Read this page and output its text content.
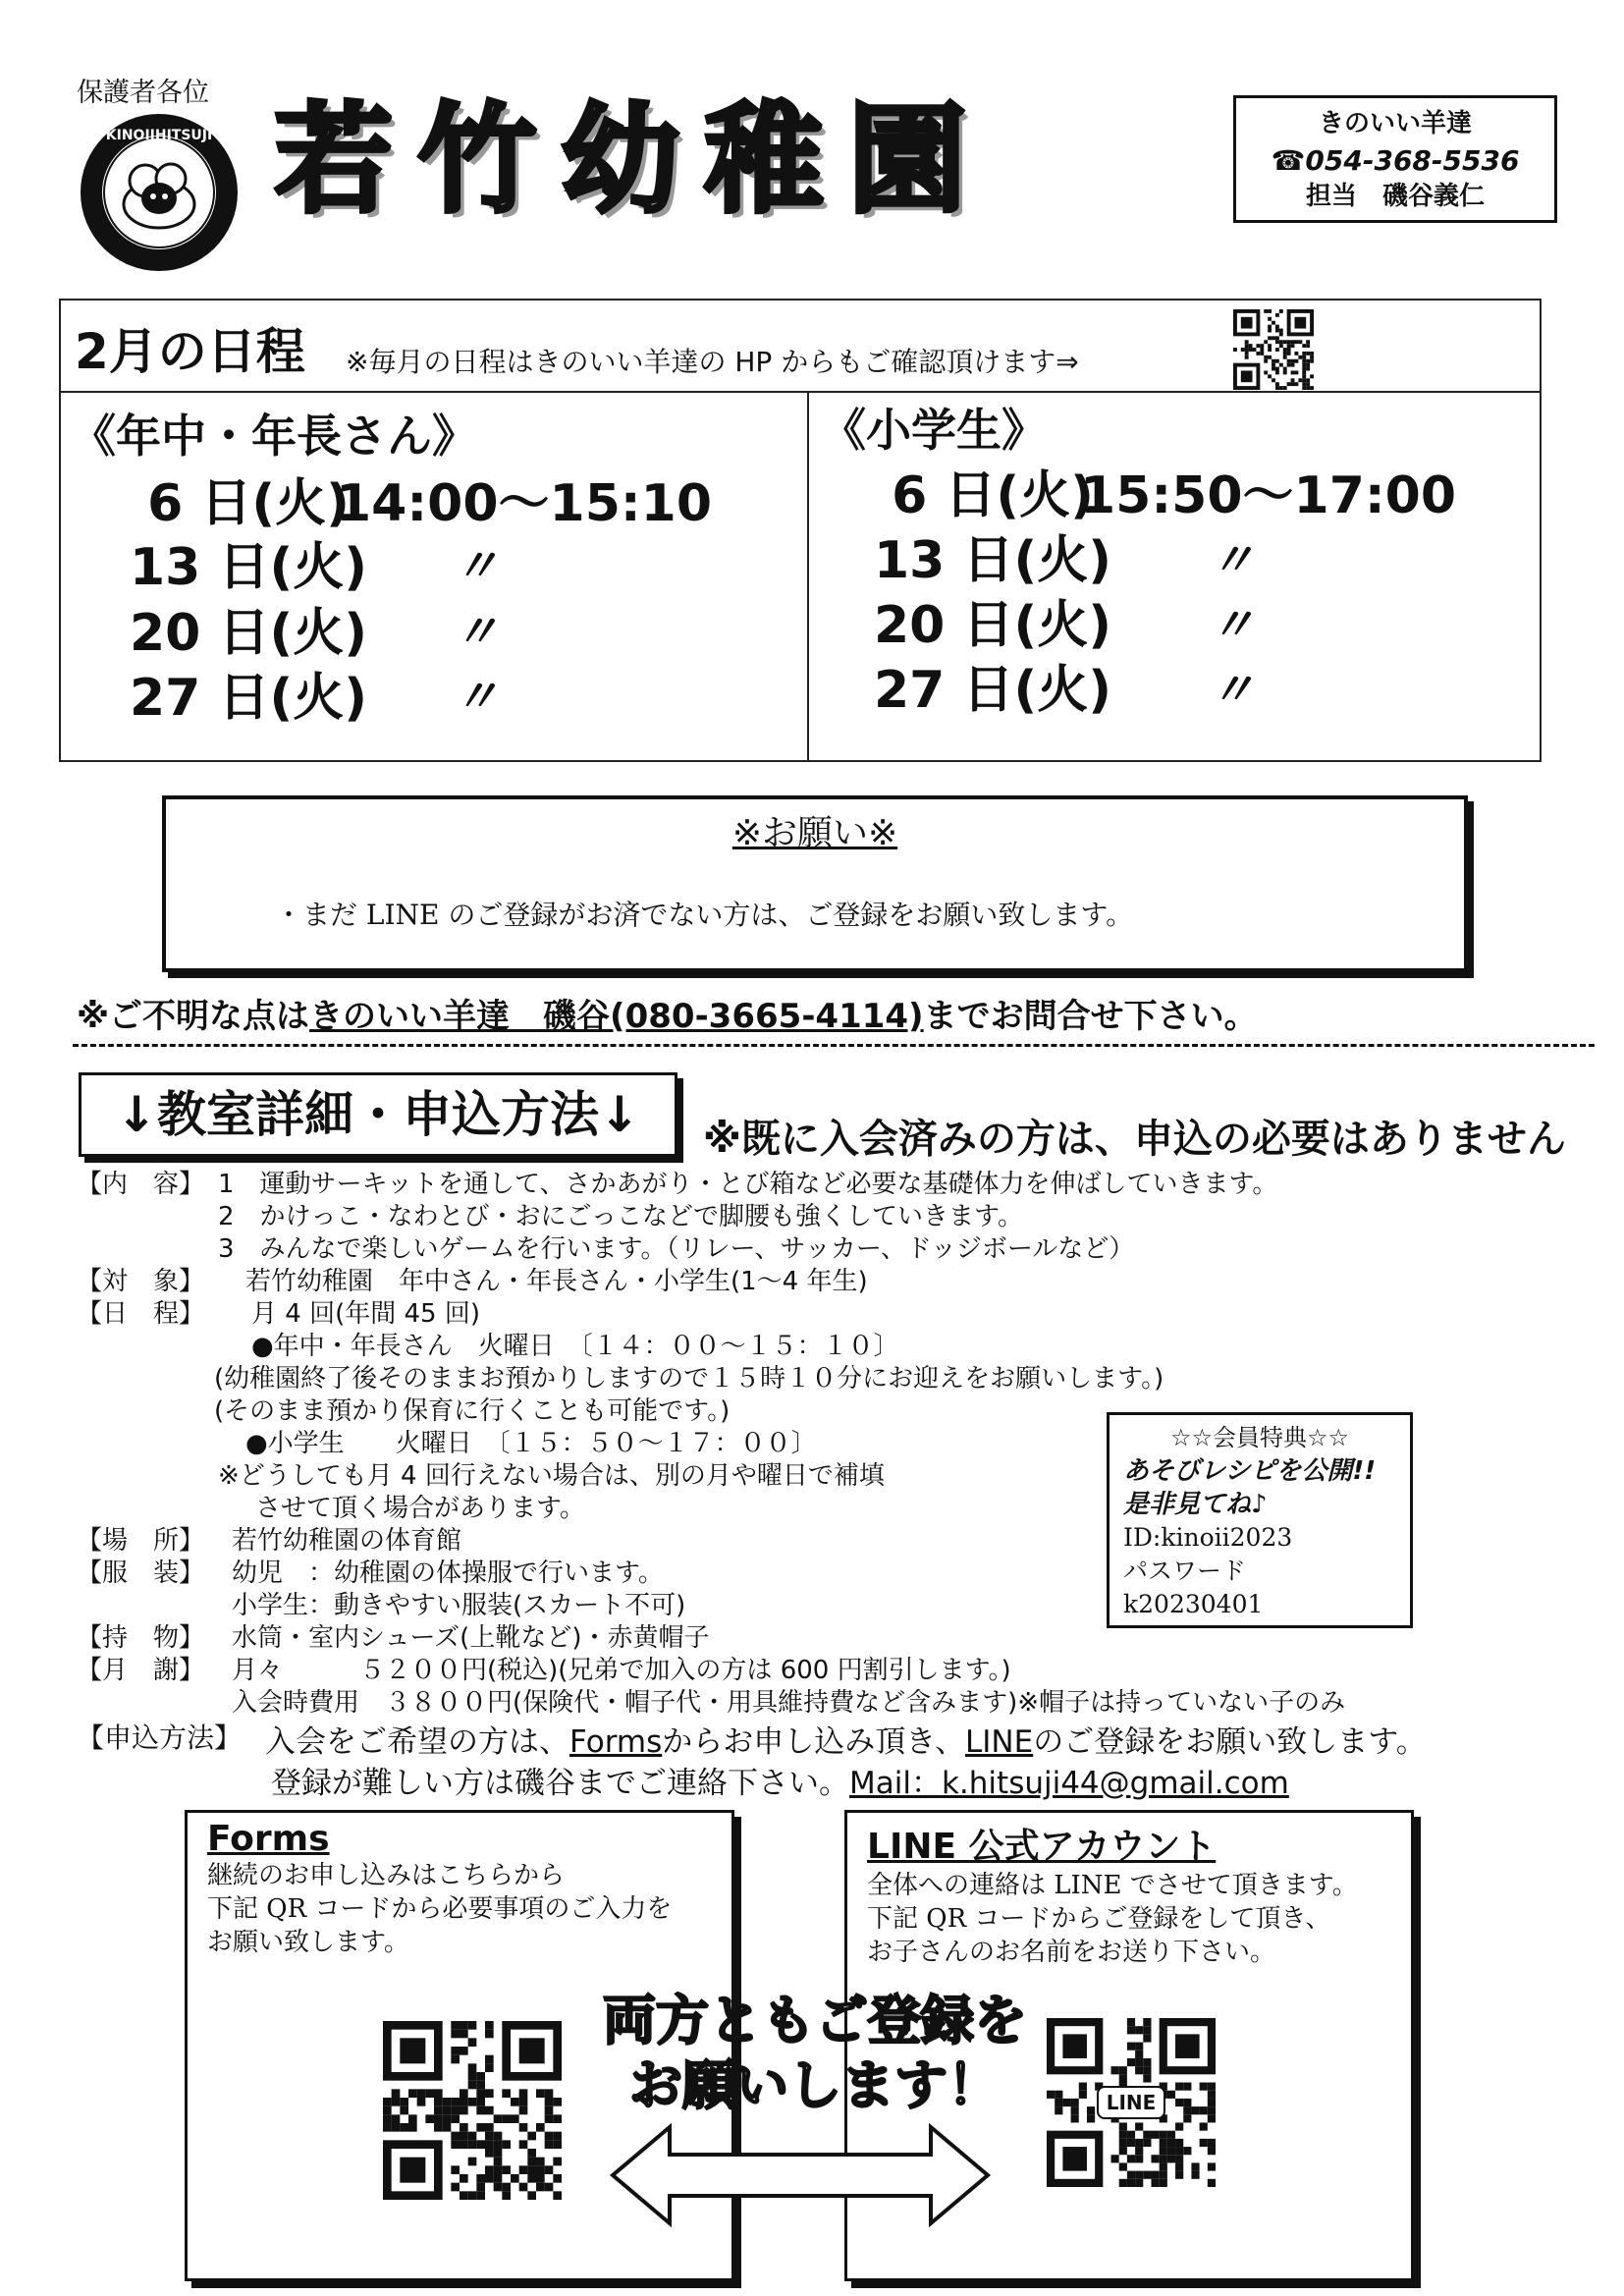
保護者各位
KINOIIHITSUJI 若竹幼稚園	きのいい羊達
☎054-368-5536
担当　磯谷義仁
2月の日程 ※毎月の日程はきのいい羊達の HP からもご確認頂けます⇒
《年中・年長さん》
6 日(火)
14:00〜15:10
13 日(火) 〃
20 日(火) 〃
27 日(火) 〃
《小学生》
6 日(火)
15:50〜17:00
13 日(火) 〃
20 日(火) 〃
27 日(火) 〃
※お願い※
・まだ LINE のご登録がお済でない方は、ご登録をお願い致します。
※ご不明な点はきのいい羊達　磯谷(080-3665-4114)までお問合せ下さい。
↓教室詳細・申込方法↓	※既に入会済みの方は、申込の必要はありません
【内　容】 1　運動サーキットを通して、さかあがり・とび箱など必要な基礎体力を伸ばしていきます。
2　かけっこ・なわとび・おにごっこなどで脚腰も強くしていきます。
3　みんなで楽しいゲームを行います。（リレー、サッカー、ドッジボールなど）
【対　象】 若竹幼稚園　年中さん・年長さん・小学生(1〜4 年生)
【日　程】 月 4 回(年間 45 回)
●年中・年長さん　火曜日　〔１４：００〜１５：１０〕
(幼稚園終了後そのままお預かりしますので１５時１０分にお迎えをお願いします。)
(そのまま預かり保育に行くことも可能です。)
●小学生　　火曜日　〔１５：５０〜１７：００〕
※どうしても月 4 回行えない場合は、別の月や曜日で補填
させて頂く場合があります。
【場　所】 若竹幼稚園の体育館
【服　装】 幼児　：幼稚園の体操服で行います。
小学生：動きやすい服装(スカート不可)
【持　物】 水筒・室内シューズ(上靴など)・赤黄帽子
【月　謝】 月々　　　５２００円(税込)(兄弟で加入の方は 600 円割引します。)
入会時費用　３８００円(保険代・帽子代・用具維持費など含みます)※帽子は持っていない子のみ
☆☆会員特典☆☆
あそびレシピを公開!!
是非見てね♪
ID:kinoii2023
パスワード
k20230401
【申込方法】 入会をご希望の方は、Formsからお申し込み頂き、LINEのご登録をお願い致します。
登録が難しい方は磯谷までご連絡下さい。Mail：k.hitsuji44@gmail.com
Forms
継続のお申し込みはこちらから
下記 QR コードから必要事項のご入力を
お願い致します。
LINE 公式アカウント
全体への連絡は LINE でさせて頂きます。
下記 QR コードからご登録をして頂き、
お子さんのお名前をお送り下さい。
LINE
両方ともご登録を
お願いします！
